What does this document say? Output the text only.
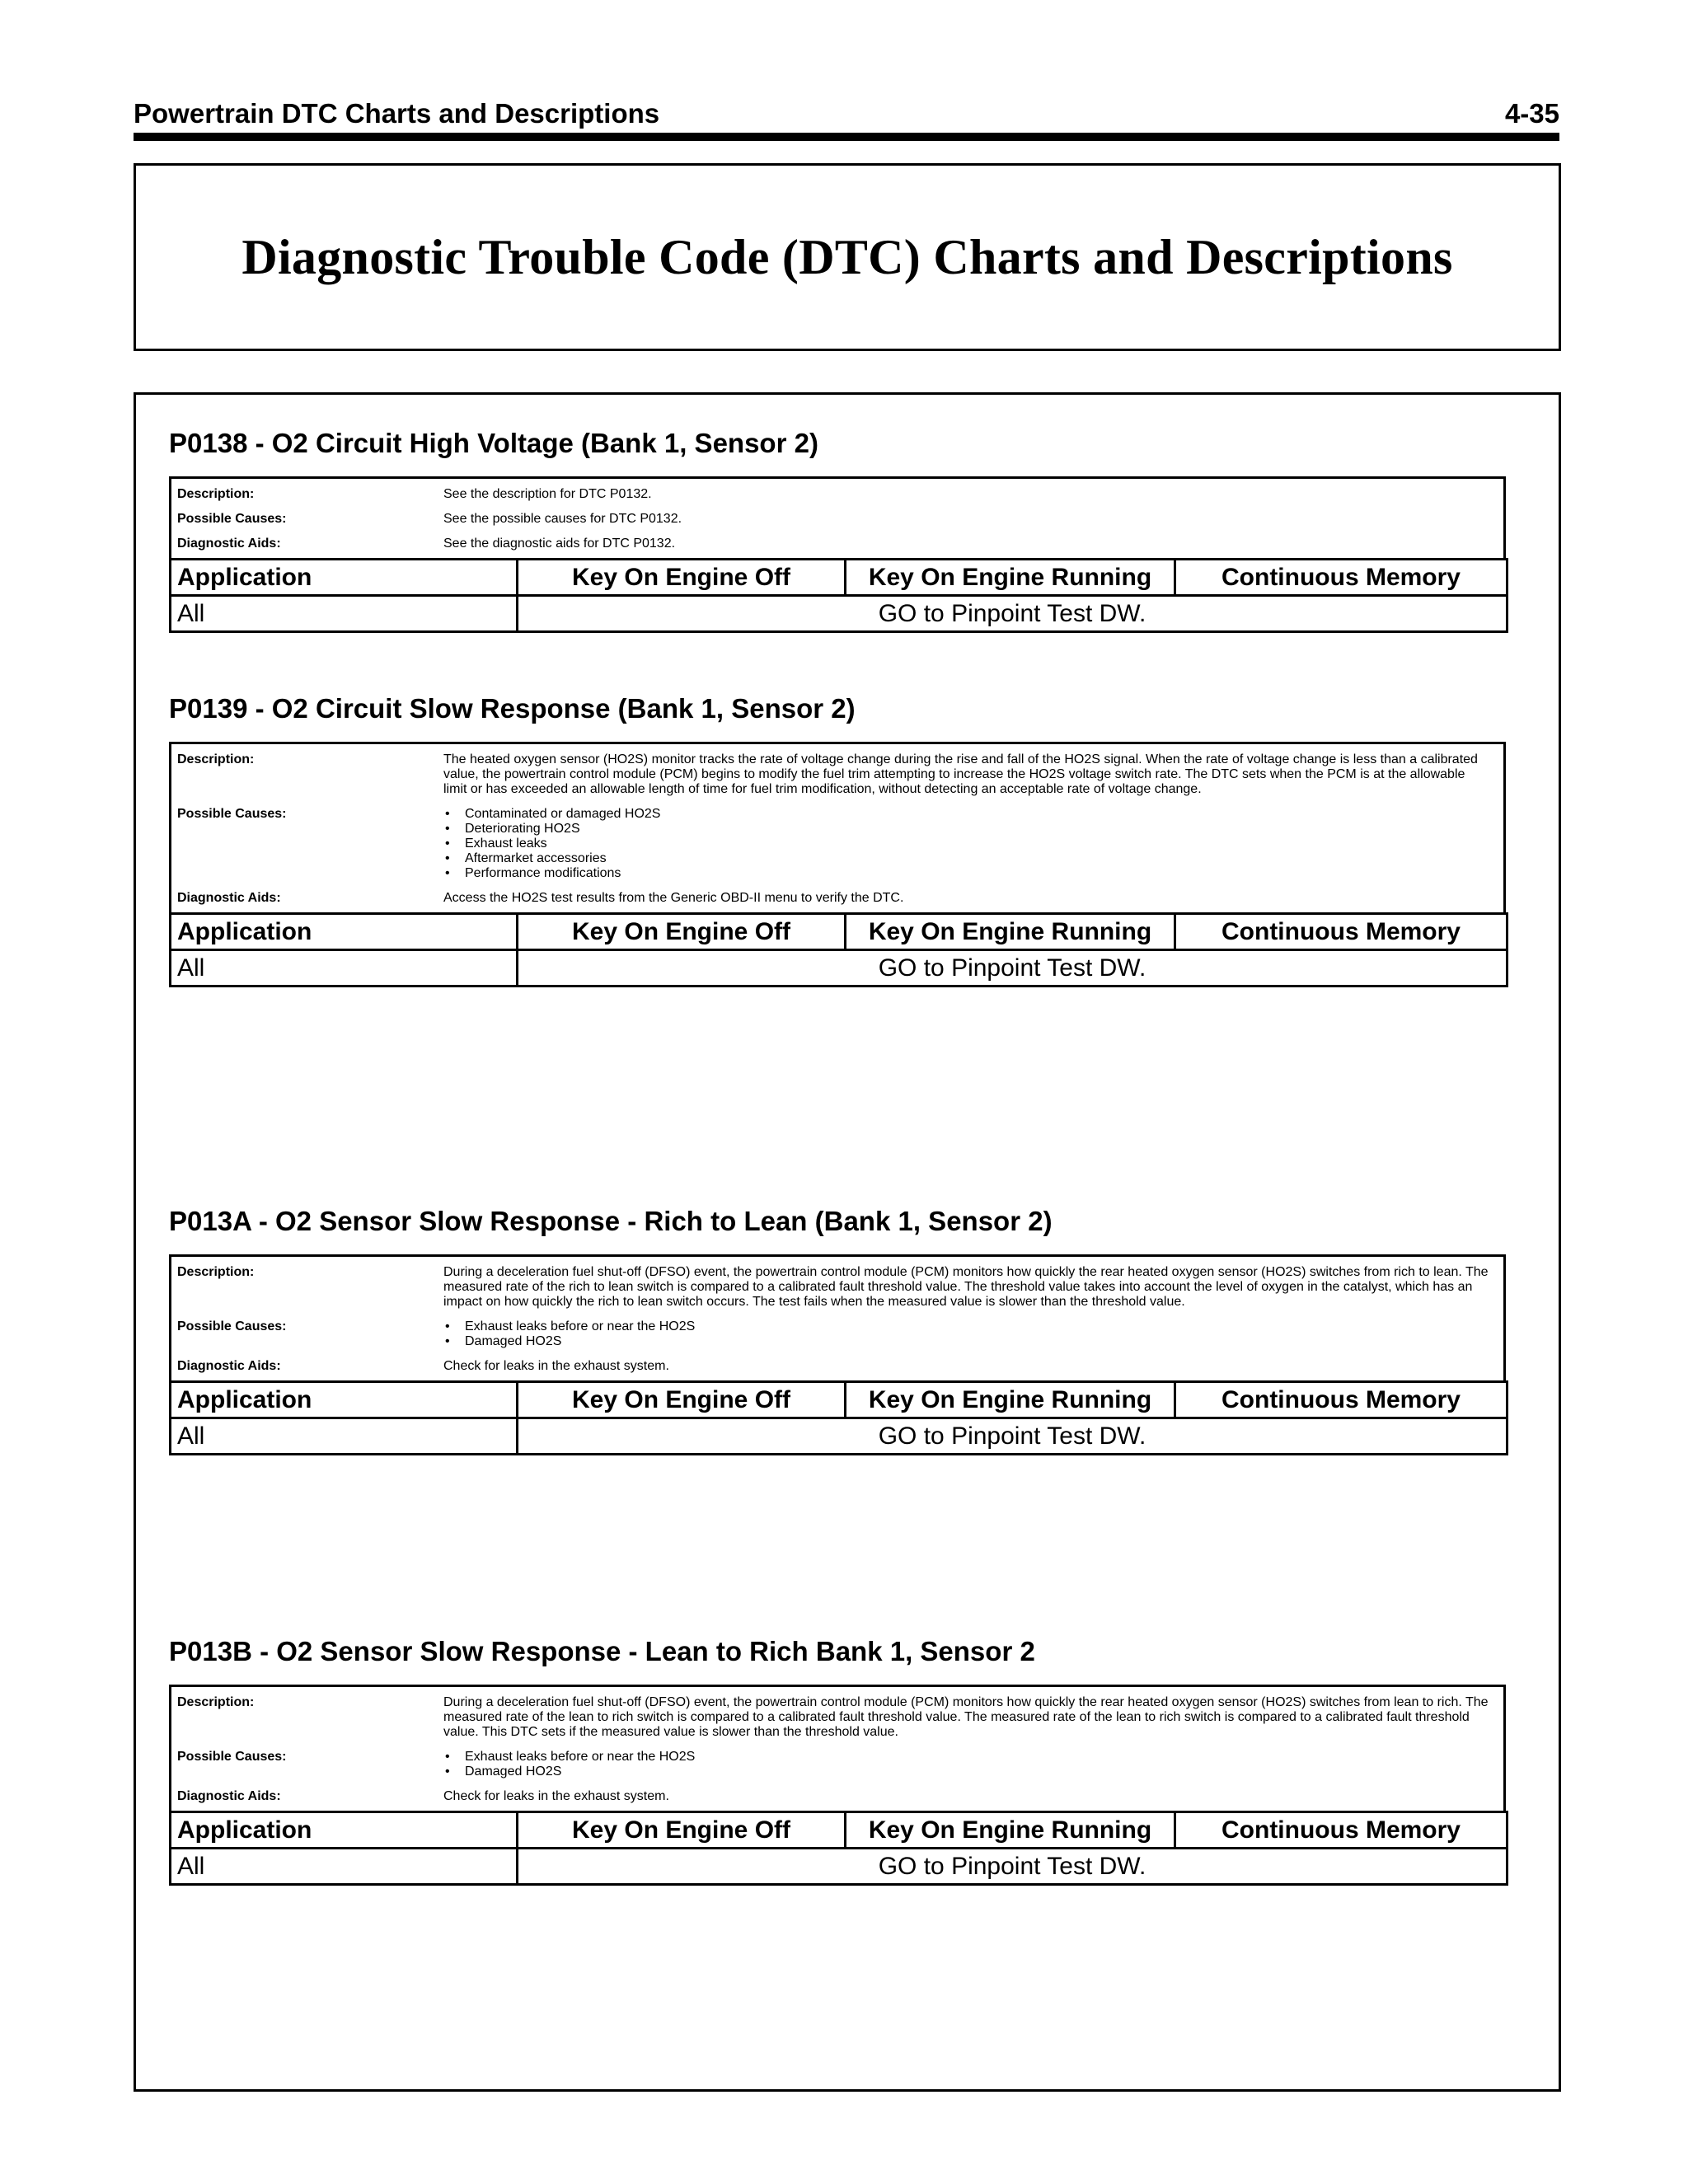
Powertrain DTC Charts and Descriptions	4-35
Diagnostic Trouble Code (DTC) Charts and Descriptions
P0138 - O2 Circuit High Voltage (Bank 1, Sensor 2)
Description:	See the description for DTC P0132.
Possible Causes:	See the possible causes for DTC P0132.
Diagnostic Aids:	See the diagnostic aids for DTC P0132.
Application	Key On Engine Off	Key On Engine Running	Continuous Memory
All	GO to Pinpoint Test DW.		
P0139 - O2 Circuit Slow Response (Bank 1, Sensor 2)
Description:	The heated oxygen sensor (HO2S) monitor tracks the rate of voltage change during the rise and fall of the HO2S signal. When the rate of voltage change is less than a calibrated value, the powertrain control module (PCM) begins to modify the fuel trim attempting to increase the HO2S voltage switch rate. The DTC sets when the PCM is at the allowable limit or has exceeded an allowable length of time for fuel trim modification, without detecting an acceptable rate of voltage change.
Possible Causes:	• Contaminated or damaged HO2S
• Deteriorating HO2S
• Exhaust leaks
• Aftermarket accessories
• Performance modifications
Diagnostic Aids:	Access the HO2S test results from the Generic OBD-II menu to verify the DTC.
Application	Key On Engine Off	Key On Engine Running	Continuous Memory
All	GO to Pinpoint Test DW.		
P013A - O2 Sensor Slow Response - Rich to Lean (Bank 1, Sensor 2)
Description:	During a deceleration fuel shut-off (DFSO) event, the powertrain control module (PCM) monitors how quickly the rear heated oxygen sensor (HO2S) switches from rich to lean. The measured rate of the rich to lean switch is compared to a calibrated fault threshold value. The threshold value takes into account the level of oxygen in the catalyst, which has an impact on how quickly the rich to lean switch occurs. The test fails when the measured value is slower than the threshold value.
Possible Causes:	• Exhaust leaks before or near the HO2S
• Damaged HO2S
Diagnostic Aids:	Check for leaks in the exhaust system.
Application	Key On Engine Off	Key On Engine Running	Continuous Memory
All	GO to Pinpoint Test DW.		
P013B - O2 Sensor Slow Response - Lean to Rich Bank 1, Sensor 2
Description:	During a deceleration fuel shut-off (DFSO) event, the powertrain control module (PCM) monitors how quickly the rear heated oxygen sensor (HO2S) switches from lean to rich. The measured rate of the lean to rich switch is compared to a calibrated fault threshold value. The measured rate of the lean to rich switch is compared to a calibrated fault threshold value. This DTC sets if the measured value is slower than the threshold value.
Possible Causes:	• Exhaust leaks before or near the HO2S
• Damaged HO2S
Diagnostic Aids:	Check for leaks in the exhaust system.
Application	Key On Engine Off	Key On Engine Running	Continuous Memory
All	GO to Pinpoint Test DW.		
